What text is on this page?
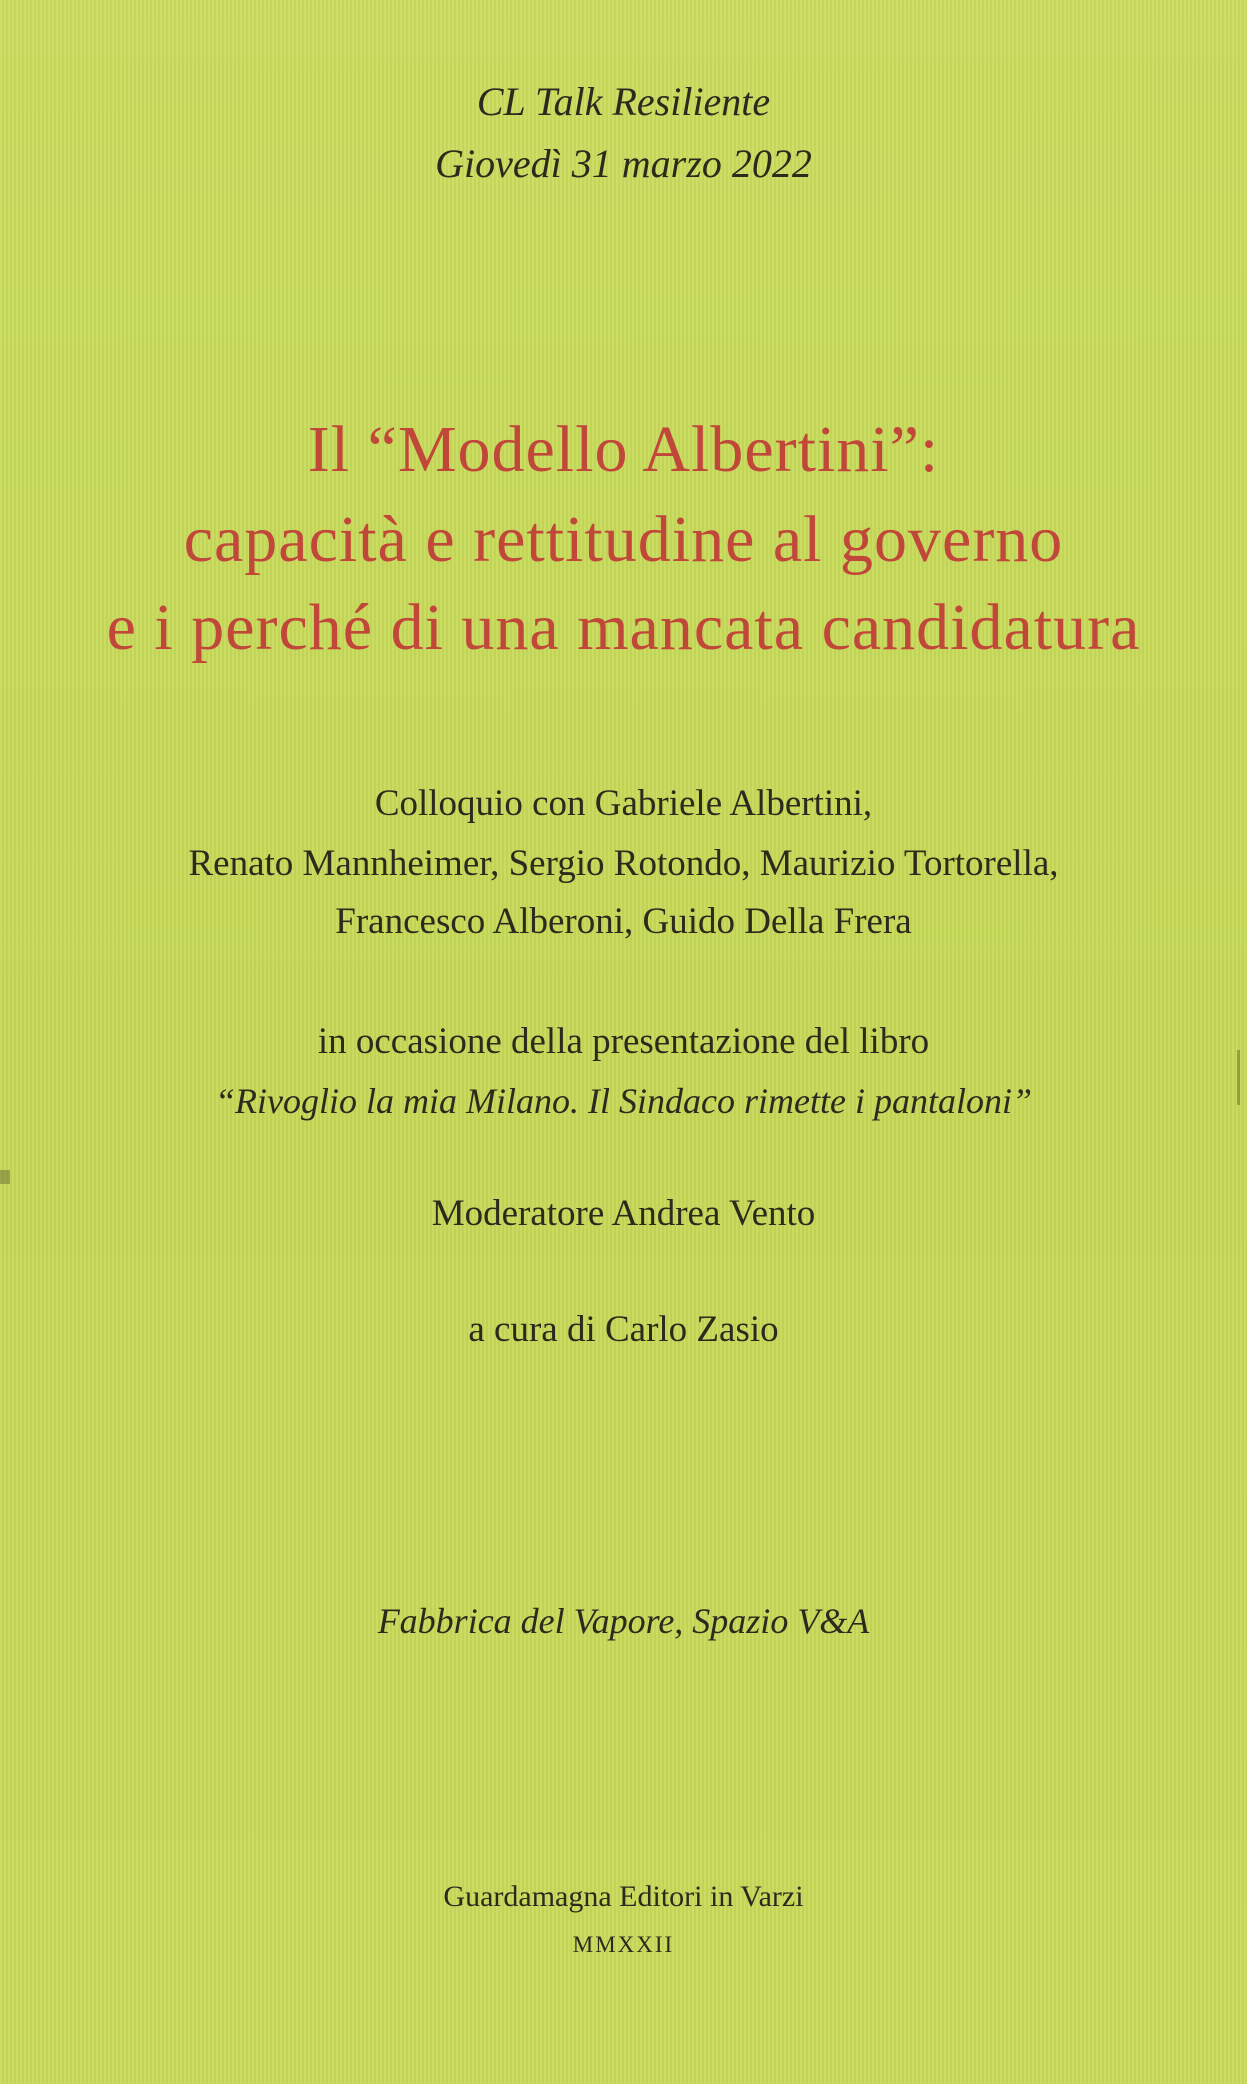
CL Talk Resiliente
Giovedì 31 marzo 2022
Il “Modello Albertini”:
capacità e rettitudine al governo
e i perché di una mancata candidatura
Colloquio con Gabriele Albertini,
Renato Mannheimer, Sergio Rotondo, Maurizio Tortorella,
Francesco Alberoni, Guido Della Frera
in occasione della presentazione del libro
“Rivoglio la mia Milano. Il Sindaco rimette i pantaloni”
Moderatore Andrea Vento
a cura di Carlo Zasio
Fabbrica del Vapore, Spazio V&A
Guardamagna Editori in Varzi
MMXXII
